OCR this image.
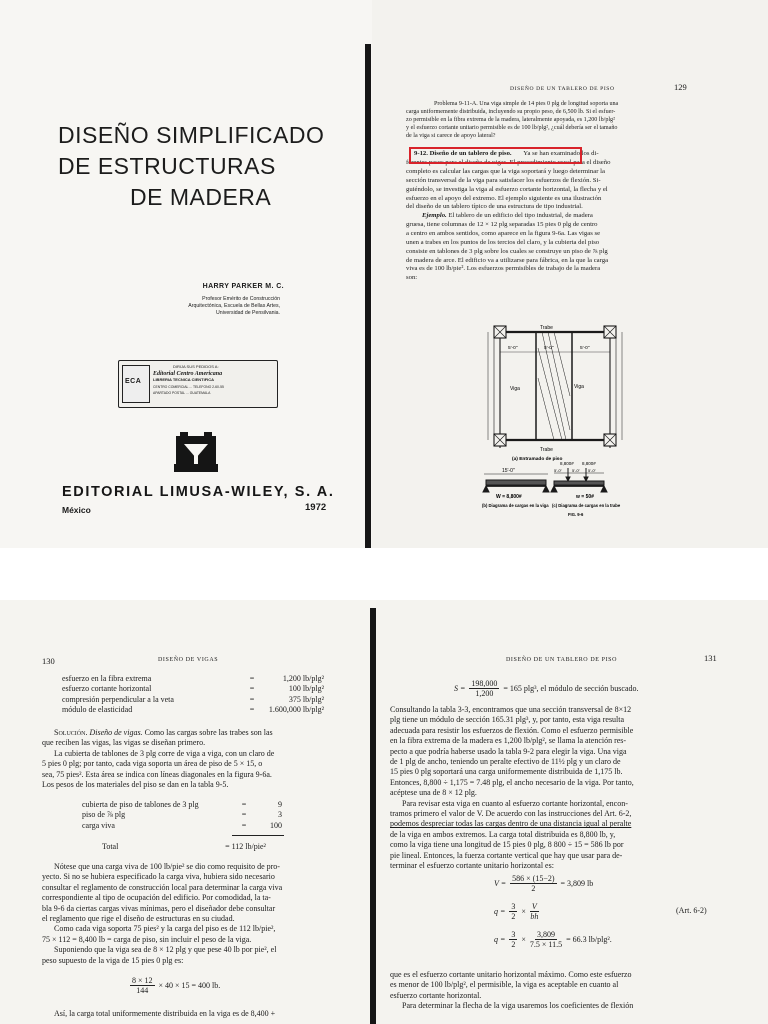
DISEÑO SIMPLIFICADO
DE ESTRUCTURAS
DE MADERA
HARRY PARKER M. C.
Profesor Emérito de Construcción
Arquitectónica, Escuela de Bellas Artes,
Universidad de Pensilvania.
ECA
DIRIJA SUS PEDIDOS A:
Editorial Centro Americana
LIBRERIA TECNICA CIENTIFICA
CENTRO COMERCIAL ... TELEFONO 2-60-55
APARTADO POSTAL ... GUATEMALA
EDITORIAL LIMUSA-WILEY, S. A.
México	1972
DISEÑO DE UN TABLERO DE PISO	129
Problema 9-11-A. Una viga simple de 14 pies 0 plg de longitud soporta una
carga uniformemente distribuida, incluyendo su propio peso, de 6,500 lb. Si el esfuer-
zo permisible en la fibra extrema de la madera, lateralmente apoyada, es 1,200 lb/plg²
y el esfuerzo cortante unitario permisible es de 100 lb/plg², ¿cuál debería ser el tamaño
de la viga si carece de apoyo lateral?
9-12. Diseño de un tablero de piso. Ya se han examinado los di-
ferentes pasos para el diseño de vigas. El procedimiento usual para el diseño
completo es calcular las cargas que la viga soportará y luego determinar la
sección transversal de la viga para satisfacer los esfuerzos de flexión. Si-
guiéndolo, se investiga la viga al esfuerzo cortante horizontal, la flecha y el
esfuerzo en el apoyo del extremo. El ejemplo siguiente es una ilustración
del diseño de un tablero típico de una estructura de tipo industrial.
Ejemplo. El tablero de un edificio del tipo industrial, de madera
gruesa, tiene columnas de 12 × 12 plg separadas 15 pies 0 plg de centro
a centro en ambos sentidos, como aparece en la figura 9-6a. Las vigas se
unen a trabes en los puntos de los tercios del claro, y la cubierta del piso
consiste en tablones de 3 plg sobre los cuales se construye un piso de ⅞ plg
de madera de arce. El edificio va a utilizarse para fábrica, en la que la carga
viva es de 100 lb/pie². Los esfuerzos permisibles de trabajo de la madera
son:
Trabe
Trabe
Viga	Viga
5'-0"	5'-0"	5'-0"
(a) Entramado de piso
15'-0"
W = 8,800#
(b) Diagrama de cargas en la viga
8,800# 8,800#
5'-0"	5'-0" 5'-0"
w = 50#
(c) Diagrama de cargas en la trabe
FIG. 9-6
130	DISEÑO DE VIGAS
esfuerzo en la fibra extrema	=	1,200 lb/plg²
esfuerzo cortante horizontal	=	100 lb/plg²
compresión perpendicular a la veta	=	375 lb/plg²
módulo de elasticidad	=	1.600,000 lb/plg²
Solución. Diseño de vigas. Como las cargas sobre las trabes son las
que reciben las vigas, las vigas se diseñan primero.
La cubierta de tablones de 3 plg corre de viga a viga, con un claro de
5 pies 0 plg; por tanto, cada viga soporta un área de piso de 5 × 15, o
sea, 75 pies². Esta área se indica con líneas diagonales en la figura 9-6a.
Los pesos de los materiales del piso se dan en la tabla 9-5.
cubierta de piso de tablones de 3 plg	=	9
piso de ⅞ plg	=	3
carga viva	=	100
Total	= 112 lb/pie²
Nótese que una carga viva de 100 lb/pie² se dio como requisito de pro-
yecto. Si no se hubiera especificado la carga viva, hubiera sido necesario
consultar el reglamento de construcción local para determinar la carga viva
correspondiente al tipo de ocupación del edificio. Por comodidad, la ta-
bla 9-6 da ciertas cargas vivas mínimas, pero el diseñador debe consultar
el reglamento que rige el diseño de estructuras en su ciudad.
Como cada viga soporta 75 pies² y la carga del piso es de 112 lb/pie²,
75 × 112 = 8,400 lb = carga de piso, sin incluir el peso de la viga.
Suponiendo que la viga sea de 8 × 12 plg y que pese 40 lb por pie², el
peso supuesto de la viga de 15 pies 0 plg es:
$\frac{8 \times 12}{144} \times 40 \times 15 = 400$ lb.
Así, la carga total uniformemente distribuida en la viga es de 8,400 +
DISEÑO DE UN TABLERO DE PISO	131
$S = \frac{198,000}{1,200} = 165$ plg³, el módulo de sección buscado.
Consultando la tabla 3-3, encontramos que una sección transversal de 8×12
plg tiene un módulo de sección 165.31 plg³, y, por tanto, esta viga resulta
adecuada para resistir los esfuerzos de flexión. Como el esfuerzo permisible
en la fibra extrema de la madera es 1,200 lb/plg², se llama la atención res-
pecto a que podría haberse usado la tabla 9-2 para elegir la viga. Una viga
de 1 plg de ancho, teniendo un peralte efectivo de 11½ plg y un claro de
15 pies 0 plg soportará una carga uniformemente distribuida de 1,175 lb.
Entonces, 8,800 ÷ 1,175 = 7.48 plg, el ancho necesario de la viga. Por tanto,
acéptese una de 8 × 12 plg.
Para revisar esta viga en cuanto al esfuerzo cortante horizontal, encon-
tramos primero el valor de V. De acuerdo con las instrucciones del Art. 6-2,
podemos despreciar todas las cargas dentro de una distancia igual al peralte
de la viga en ambos extremos. La carga total distribuida es 8,800 lb, y,
como la viga tiene una longitud de 15 pies 0 plg, 8 800 ÷ 15 = 586 lb por
pie lineal. Entonces, la fuerza cortante vertical que hay que usar para de-
terminar el esfuerzo cortante unitario horizontal es:
$V = \frac{586 \times (15-2)}{2} = 3,809$ lb
$q = \frac{3}{2} \times \frac{V}{bh}$	(Art. 6-2)
$q = \frac{3}{2} \times \frac{3,809}{7.5 \times 11.5} = 66.3$ lb/plg².
que es el esfuerzo cortante unitario horizontal máximo. Como este esfuerzo
es menor de 100 lb/plg², el permisible, la viga es aceptable en cuanto al
esfuerzo cortante horizontal.
Para determinar la flecha de la viga usaremos los coeficientes de flexión
